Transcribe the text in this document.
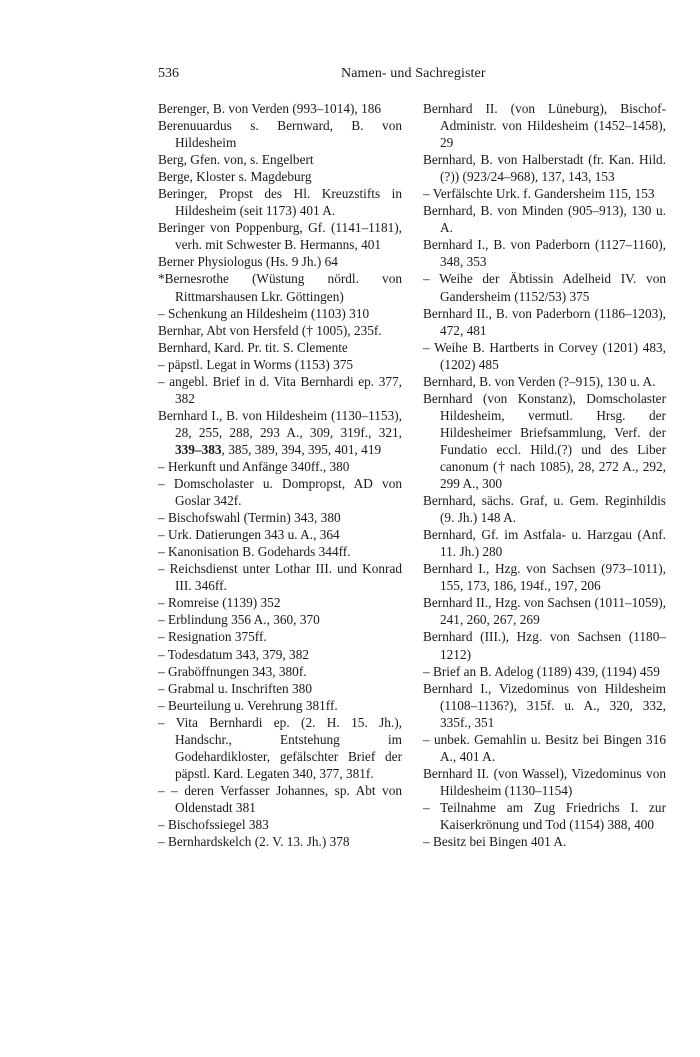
536	Namen- und Sachregister

Berenger, B. von Verden (993–1014), 186

Berenuuardus s. Bernward, B. von Hildesheim

Berg, Gfen. von, s. Engelbert

Berge, Kloster s. Magdeburg

Beringer, Propst des Hl. Kreuzstifts in Hildesheim (seit 1173) 401 A.

Beringer von Poppenburg, Gf. (1141–1181), verh. mit Schwester B. Hermanns, 401

Berner Physiologus (Hs. 9 Jh.) 64

*Bernesrothe (Wüstung nördl. von Rittmarshausen Lkr. Göttingen)

– Schenkung an Hildesheim (1103) 310

Bernhar, Abt von Hersfeld († 1005), 235f.

Bernhard, Kard. Pr. tit. S. Clemente

– päpstl. Legat in Worms (1153) 375

– angebl. Brief in d. Vita Bernhardi ep. 377, 382

Bernhard I., B. von Hildesheim (1130–1153), 28, 255, 288, 293 A., 309, 319f., 321, 339–383, 385, 389, 394, 395, 401, 419

– Herkunft und Anfänge 340ff., 380

– Domscholaster u. Dompropst, AD von Goslar 342f.

– Bischofswahl (Termin) 343, 380

– Urk. Datierungen 343 u. A., 364

– Kanonisation B. Godehards 344ff.

– Reichsdienst unter Lothar III. und Konrad III. 346ff.

– Romreise (1139) 352

– Erblindung 356 A., 360, 370

– Resignation 375ff.

– Todesdatum 343, 379, 382

– Graböffnungen 343, 380f.

– Grabmal u. Inschriften 380

– Beurteilung u. Verehrung 381ff.

– Vita Bernhardi ep. (2. H. 15. Jh.), Handschr., Entstehung im Godehardikloster, gefälschter Brief der päpstl. Kard. Legaten 340, 377, 381f.

– – deren Verfasser Johannes, sp. Abt von Oldenstadt 381

– Bischofssiegel 383

– Bernhardskelch (2. V. 13. Jh.) 378

Bernhard II. (von Lüneburg), Bischof-Administr. von Hildesheim (1452–1458), 29

Bernhard, B. von Halberstadt (fr. Kan. Hild.(?)) (923/24–968), 137, 143, 153

– Verfälschte Urk. f. Gandersheim 115, 153

Bernhard, B. von Minden (905–913), 130 u. A.

Bernhard I., B. von Paderborn (1127–1160), 348, 353

– Weihe der Äbtissin Adelheid IV. von Gandersheim (1152/53) 375

Bernhard II., B. von Paderborn (1186–1203), 472, 481

– Weihe B. Hartberts in Corvey (1201) 483, (1202) 485

Bernhard, B. von Verden (?–915), 130 u. A.

Bernhard (von Konstanz), Domscholaster Hildesheim, vermutl. Hrsg. der Hildesheimer Briefsammlung, Verf. der Fundatio eccl. Hild.(?) und des Liber canonum († nach 1085), 28, 272 A., 292, 299 A., 300

Bernhard, sächs. Graf, u. Gem. Reginhildis (9. Jh.) 148 A.

Bernhard, Gf. im Astfala- u. Harzgau (Anf. 11. Jh.) 280

Bernhard I., Hzg. von Sachsen (973–1011), 155, 173, 186, 194f., 197, 206

Bernhard II., Hzg. von Sachsen (1011–1059), 241, 260, 267, 269

Bernhard (III.), Hzg. von Sachsen (1180–1212)

– Brief an B. Adelog (1189) 439, (1194) 459

Bernhard I., Vizedominus von Hildesheim (1108–1136?), 315f. u. A., 320, 332, 335f., 351

– unbek. Gemahlin u. Besitz bei Bingen 316 A., 401 A.

Bernhard II. (von Wassel), Vizedominus von Hildesheim (1130–1154)

– Teilnahme am Zug Friedrichs I. zur Kaiserkrönung und Tod (1154) 388, 400

– Besitz bei Bingen 401 A.
